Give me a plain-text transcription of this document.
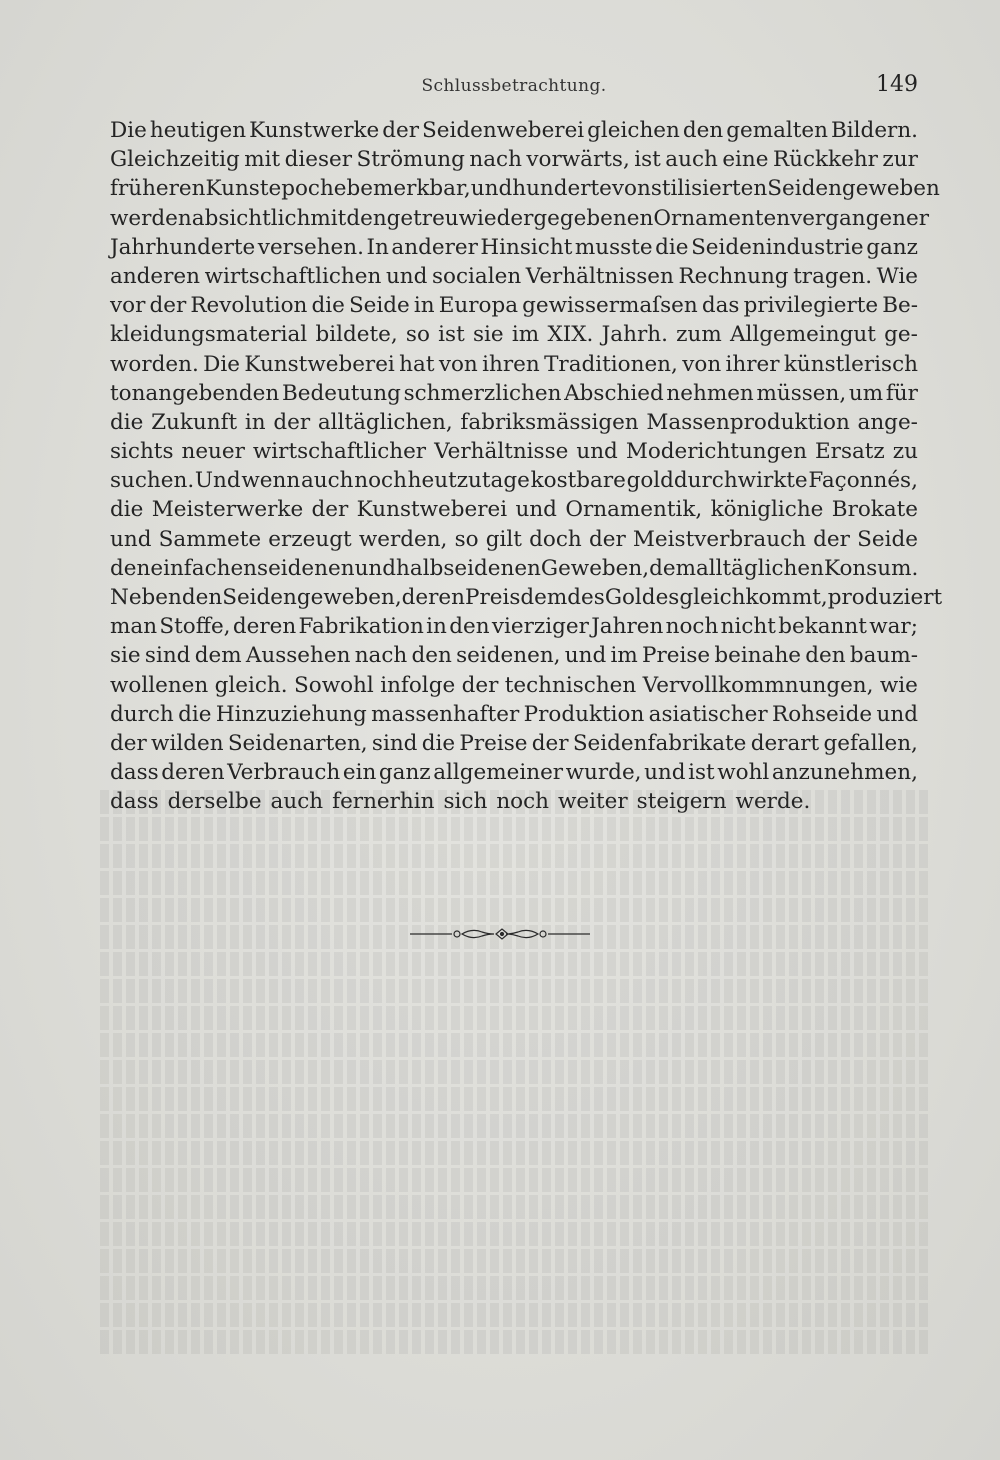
Schlussbetrachtung.	149
Die heutigen Kunstwerke der Seidenweberei gleichen den gemalten Bildern.
Gleichzeitig mit dieser Strömung nach vorwärts, ist auch eine Rückkehr zur
früheren Kunstepoche bemerkbar, und hunderte von stilisierten Seidengeweben
werden absichtlich mit den getreu wiedergegebenen Ornamenten vergangener
Jahrhunderte versehen. In anderer Hinsicht musste die Seidenindustrie ganz
anderen wirtschaftlichen und socialen Verhältnissen Rechnung tragen. Wie
vor der Revolution die Seide in Europa gewissermaſsen das privilegierte Be-
kleidungsmaterial bildete, so ist sie im XIX. Jahrh. zum Allgemeingut ge-
worden. Die Kunstweberei hat von ihren Traditionen, von ihrer künstlerisch
tonangebenden Bedeutung schmerzlichen Abschied nehmen müssen, um für
die Zukunft in der alltäglichen, fabriksmässigen Massenproduktion ange-
sichts neuer wirtschaftlicher Verhältnisse und Moderichtungen Ersatz zu
suchen. Und wenn auch noch heutzutage kostbare golddurchwirkte Façonnés,
die Meisterwerke der Kunstweberei und Ornamentik, königliche Brokate
und Sammete erzeugt werden, so gilt doch der Meistverbrauch der Seide
den einfachen seidenen und halbseidenen Geweben, dem alltäglichen Konsum.
Neben den Seidengeweben, deren Preis dem des Goldes gleichkommt, produziert
man Stoffe, deren Fabrikation in den vierziger Jahren noch nicht bekannt war;
sie sind dem Aussehen nach den seidenen, und im Preise beinahe den baum-
wollenen gleich. Sowohl infolge der technischen Vervollkommnungen, wie
durch die Hinzuziehung massenhafter Produktion asiatischer Rohseide und
der wilden Seidenarten, sind die Preise der Seidenfabrikate derart gefallen,
dass deren Verbrauch ein ganz allgemeiner wurde, und ist wohl anzunehmen,
dass derselbe auch fernerhin sich noch weiter steigern werde.
